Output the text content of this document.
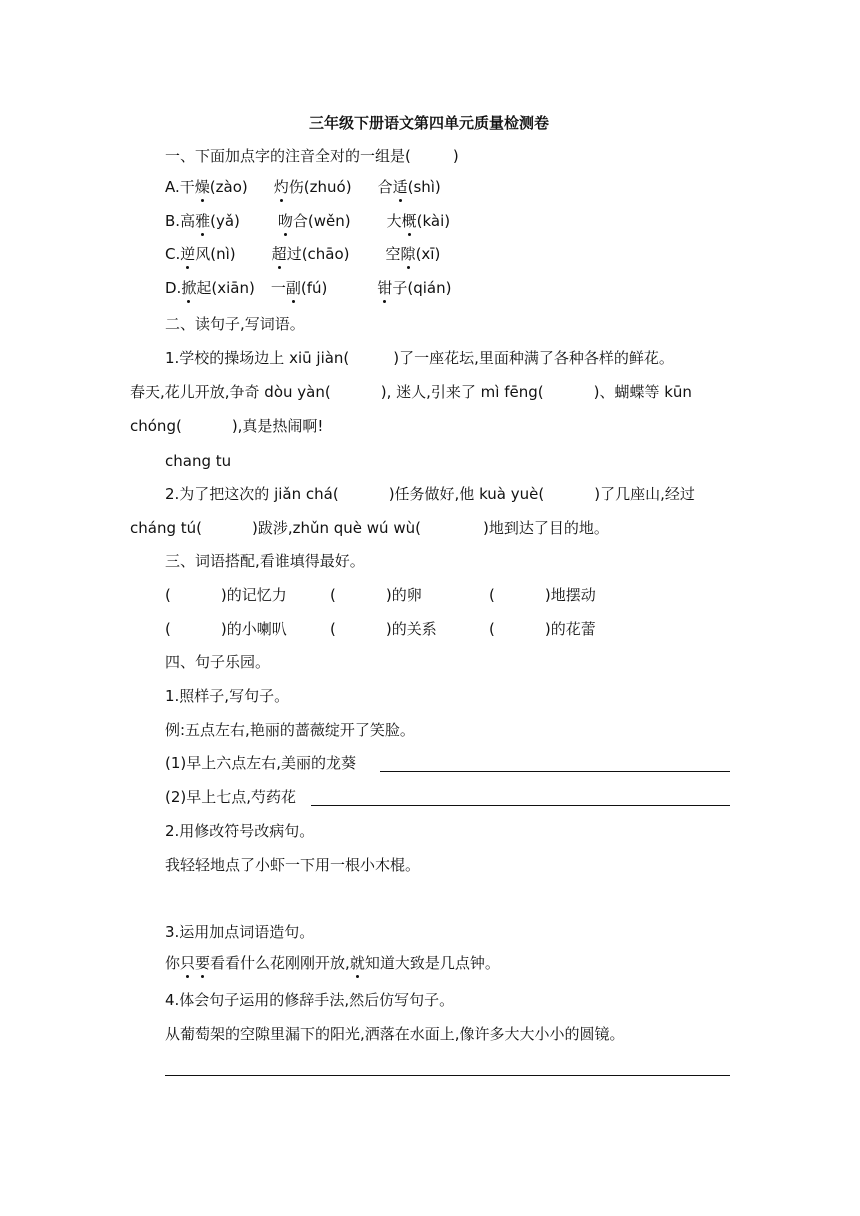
三年级下册语文第四单元质量检测卷
一、下面加点字的注音全对的一组是(	)
A.干燥(zào) 灼伤(zhuó) 合适(shì)
B.高雅(yǎ)	吻合(wěn) 大概(kài)
C.逆风(nì) 超过(chāo) 空隙(xī)
D.掀起(xiān) 一副(fú)	钳子(qián)
二、读句子,写词语。
1.学校的操场边上 xiū jiàn(	)了一座花坛,里面种满了各种各样的鲜花。
春天,花儿开放,争奇 dòu yàn(	), 迷人,引来了 mì fēng(	)、蝴蝶等 kūn
chóng(	),真是热闹啊!
chang tu
2.为了把这次的 jiǎn chá(	)任务做好,他 kuà yuè(	)了几座山,经过
cháng tú(	)跋涉,zhǔn què wú wù(	)地到达了目的地。
三、词语搭配,看谁填得最好。
(	)的记忆力	(	)的卵	(	)地摆动
(	)的小喇叭	(	)的关系	(	)的花蕾
四、句子乐园。
1.照样子,写句子。
例:五点左右,艳丽的蔷薇绽开了笑脸。
(1)早上六点左右,美丽的龙葵
(2)早上七点,芍药花
2.用修改符号改病句。
我轻轻地点了小虾一下用一根小木棍。
3.运用加点词语造句。
你只要看看什么花刚刚开放,就知道大致是几点钟。
4.体会句子运用的修辞手法,然后仿写句子。
从葡萄架的空隙里漏下的阳光,洒落在水面上,像许多大大小小的圆镜。
